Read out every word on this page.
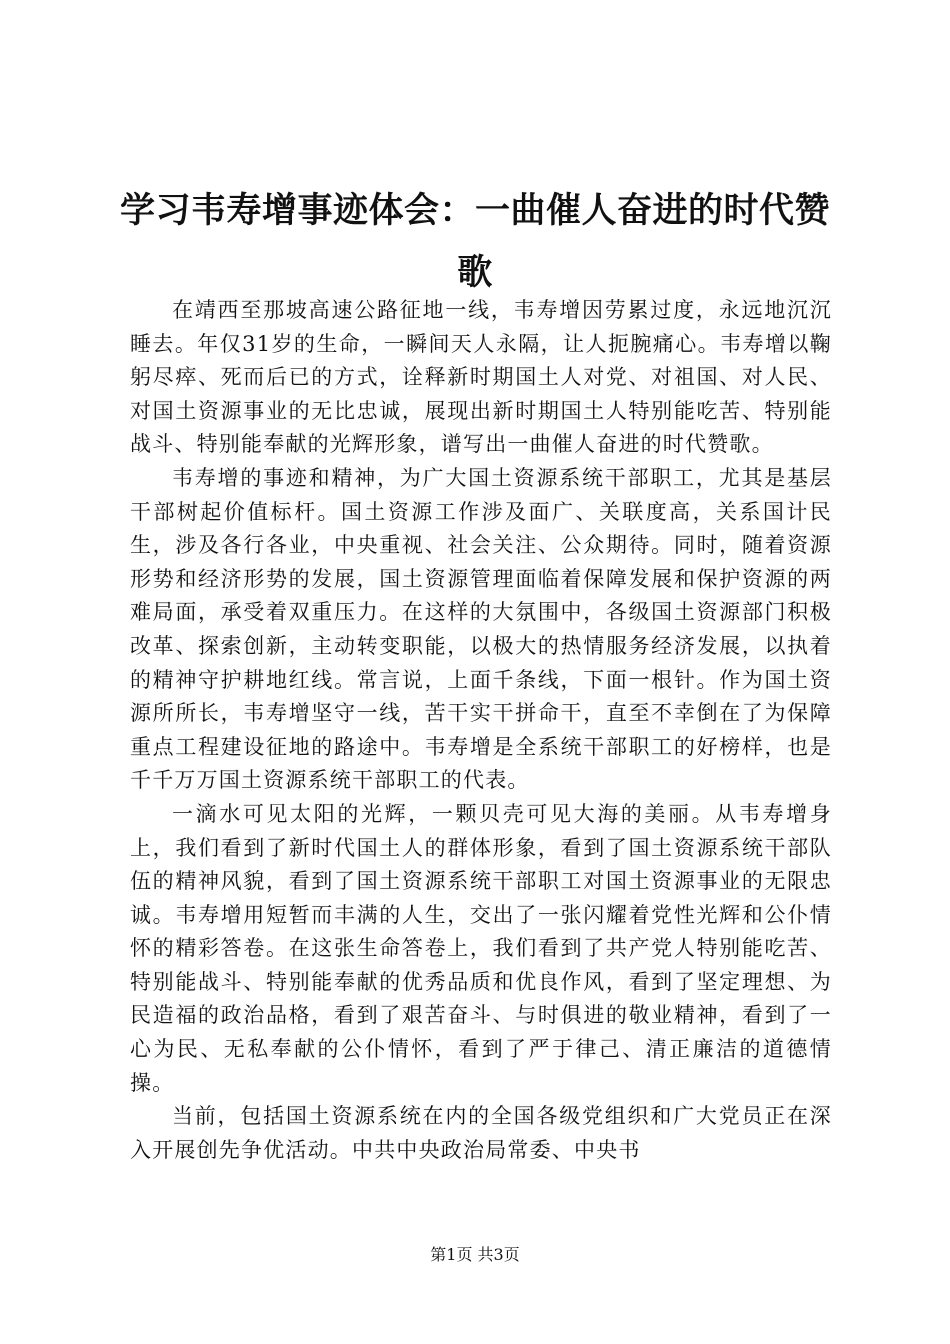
学习韦寿增事迹体会：一曲催人奋进的时代赞歌

在靖西至那坡高速公路征地一线，韦寿增因劳累过度，永远地沉沉睡去。年仅31岁的生命，一瞬间天人永隔，让人扼腕痛心。韦寿增以鞠躬尽瘁、死而后已的方式，诠释新时期国土人对党、对祖国、对人民、对国土资源事业的无比忠诚，展现出新时期国土人特别能吃苦、特别能战斗、特别能奉献的光辉形象，谱写出一曲催人奋进的时代赞歌。

韦寿增的事迹和精神，为广大国土资源系统干部职工，尤其是基层干部树起价值标杆。国土资源工作涉及面广、关联度高，关系国计民生，涉及各行各业，中央重视、社会关注、公众期待。同时，随着资源形势和经济形势的发展，国土资源管理面临着保障发展和保护资源的两难局面，承受着双重压力。在这样的大氛围中，各级国土资源部门积极改革、探索创新，主动转变职能，以极大的热情服务经济发展，以执着的精神守护耕地红线。常言说，上面千条线，下面一根针。作为国土资源所所长，韦寿增坚守一线，苦干实干拼命干，直至不幸倒在了为保障重点工程建设征地的路途中。韦寿增是全系统干部职工的好榜样，也是千千万万国土资源系统干部职工的代表。

一滴水可见太阳的光辉，一颗贝壳可见大海的美丽。从韦寿增身上，我们看到了新时代国土人的群体形象，看到了国土资源系统干部队伍的精神风貌，看到了国土资源系统干部职工对国土资源事业的无限忠诚。韦寿增用短暂而丰满的人生，交出了一张闪耀着党性光辉和公仆情怀的精彩答卷。在这张生命答卷上，我们看到了共产党人特别能吃苦、特别能战斗、特别能奉献的优秀品质和优良作风，看到了坚定理想、为民造福的政治品格，看到了艰苦奋斗、与时俱进的敬业精神，看到了一心为民、无私奉献的公仆情怀，看到了严于律己、清正廉洁的道德情操。

当前，包括国土资源系统在内的全国各级党组织和广大党员正在深入开展创先争优活动。中共中央政治局常委、中央书

第1页 共3页
